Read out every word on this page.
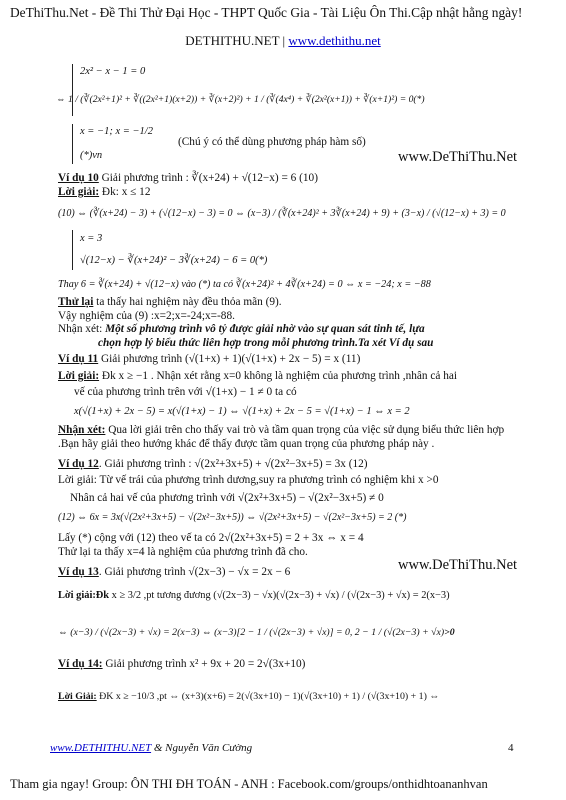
DeThiThu.Net - Đề Thi Thử Đại Học - THPT Quốc Gia - Tài Liệu Ôn Thi.Cập nhật hằng ngày!
DETHITHU.NET | www.dethithu.net
2x² − x − 1 = 0
⇔ 1 / (∛(2x²+1)² + ∛((2x²+1)(x+2)) + ∛(x+2)²) + 1 / (∛(4x⁴) + ∛(2x²(x+1)) + ∛(x+1)²) = 0(*)
x = −1; x = −1/2
(Chú ý có thể dùng phương pháp hàm số)
(*)vn	www.DeThiThu.Net
Ví dụ 10 Giải phương trình : ∛(x+24) + √(12−x) = 6 (10)
Lời giải: Đk: x ≤ 12
(10) ⇔ (∛(x+24) − 3) + (√(12−x) − 3) = 0 ⇔ (x−3) / (∛(x+24)² + 3∛(x+24) + 9) + (3−x) / (√(12−x) + 3) = 0
x = 3
√(12−x) − ∛(x+24)² − 3∛(x+24) − 6 = 0(*)
Thay 6 = ∛(x+24) + √(12−x) vào (*) ta có ∛(x+24)² + 4∛(x+24) = 0 ⇔ x = −24; x = −88
Thử lại ta thấy hai nghiệm này đều thỏa mãn (9).
Vậy nghiệm của (9) :x=2;x=-24;x=-88.
Nhận xét: Một số phương trình vô tỷ được giải nhờ vào sự quan sát tinh tế, lựa
chọn hợp lý biểu thức liên hợp trong mỗi phương trình.Ta xét Ví dụ sau
Ví dụ 11 Giải phương trình (√(1+x) + 1)(√(1+x) + 2x − 5) = x (11)
Lời giải: Đk x ≥ −1 . Nhận xét rằng x=0 không là nghiệm của phương trình ,nhân cả hai
vế của phương trình trên với √(1+x) − 1 ≠ 0 ta có
x(√(1+x) + 2x − 5) = x(√(1+x) − 1) ⇔ √(1+x) + 2x − 5 = √(1+x) − 1 ⇔ x = 2
Nhận xét: Qua lời giải trên cho thấy vai trò và tầm quan trọng của việc sử dụng biểu thức liên hợp
.Bạn hãy giải theo hướng khác để thấy được tầm quan trọng của phương pháp này .
Ví dụ 12. Giải phương trình : √(2x²+3x+5) + √(2x²−3x+5) = 3x (12)
Lời giải: Từ vế trái của phương trình dương,suy ra phương trình có nghiệm khi x >0
Nhân cả hai vế của phương trình với √(2x²+3x+5) − √(2x²−3x+5) ≠ 0
(12) ⇔ 6x = 3x(√(2x²+3x+5) − √(2x²−3x+5)) ⇔ √(2x²+3x+5) − √(2x²−3x+5) = 2 (*)
Lấy (*) cộng với (12) theo vế ta có 2√(2x²+3x+5) = 2 + 3x ⇔ x = 4
Thử lại ta thấy x=4 là nghiệm của phương trình đã cho.
www.DeThiThu.Net
Ví dụ 13. Giải phương trình √(2x−3) − √x = 2x − 6
Lời giải:Đk x ≥ 3/2 ,pt tương đương (√(2x−3) − √x)(√(2x−3) + √x) / (√(2x−3) + √x) = 2(x−3)
⇔ (x−3) / (√(2x−3) + √x) = 2(x−3) ⇔ (x−3)[2 − 1 / (√(2x−3) + √x)] = 0, 2 − 1 / (√(2x−3) + √x)>0
Ví dụ 14: Giải phương trình x² + 9x + 20 = 2√(3x+10)
Lời Giải: ĐK x ≥ −10/3 ,pt ⇔ (x+3)(x+6) = 2(√(3x+10) − 1)(√(3x+10) + 1) / (√(3x+10) + 1) ⇔
www.DETHITHU.NET & Nguyễn Văn Cường	4
Tham gia ngay! Group: ÔN THI ĐH TOÁN - ANH : Facebook.com/groups/onthidhtoananhvan
